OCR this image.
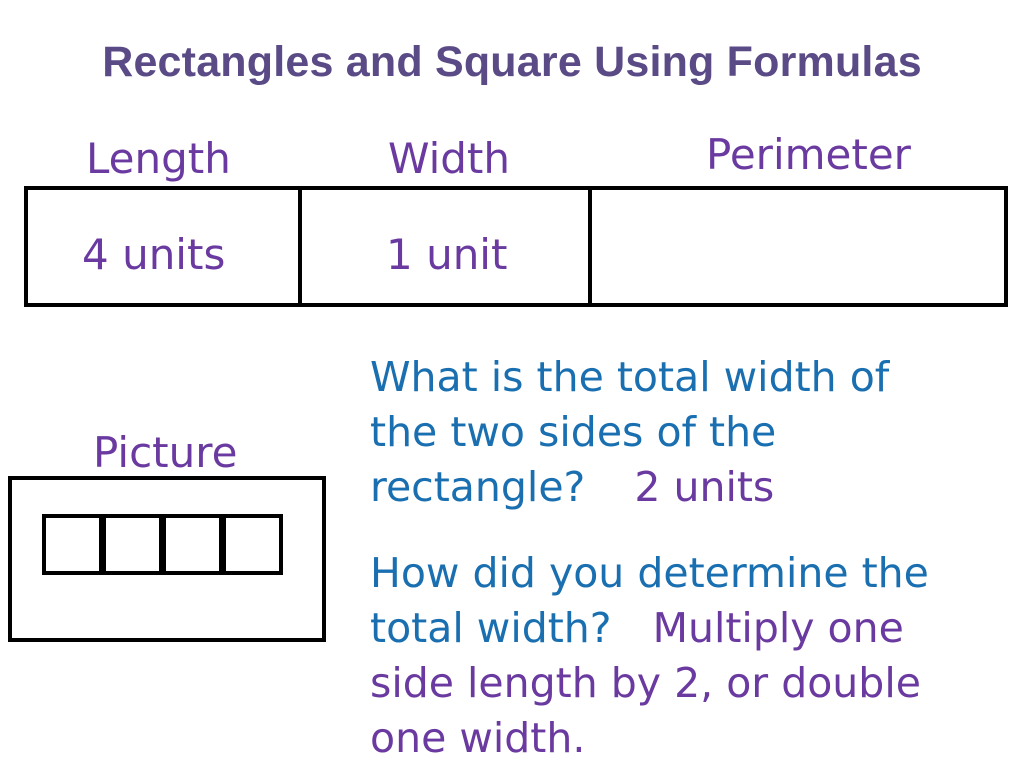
Rectangles and Square Using Formulas
Length	Width	Perimeter
4 units	1 unit
Picture
What is the total width of
the two sides of the
rectangle? 2 units
How did you determine the
total width? Multiply one
side length by 2, or double
one width.
